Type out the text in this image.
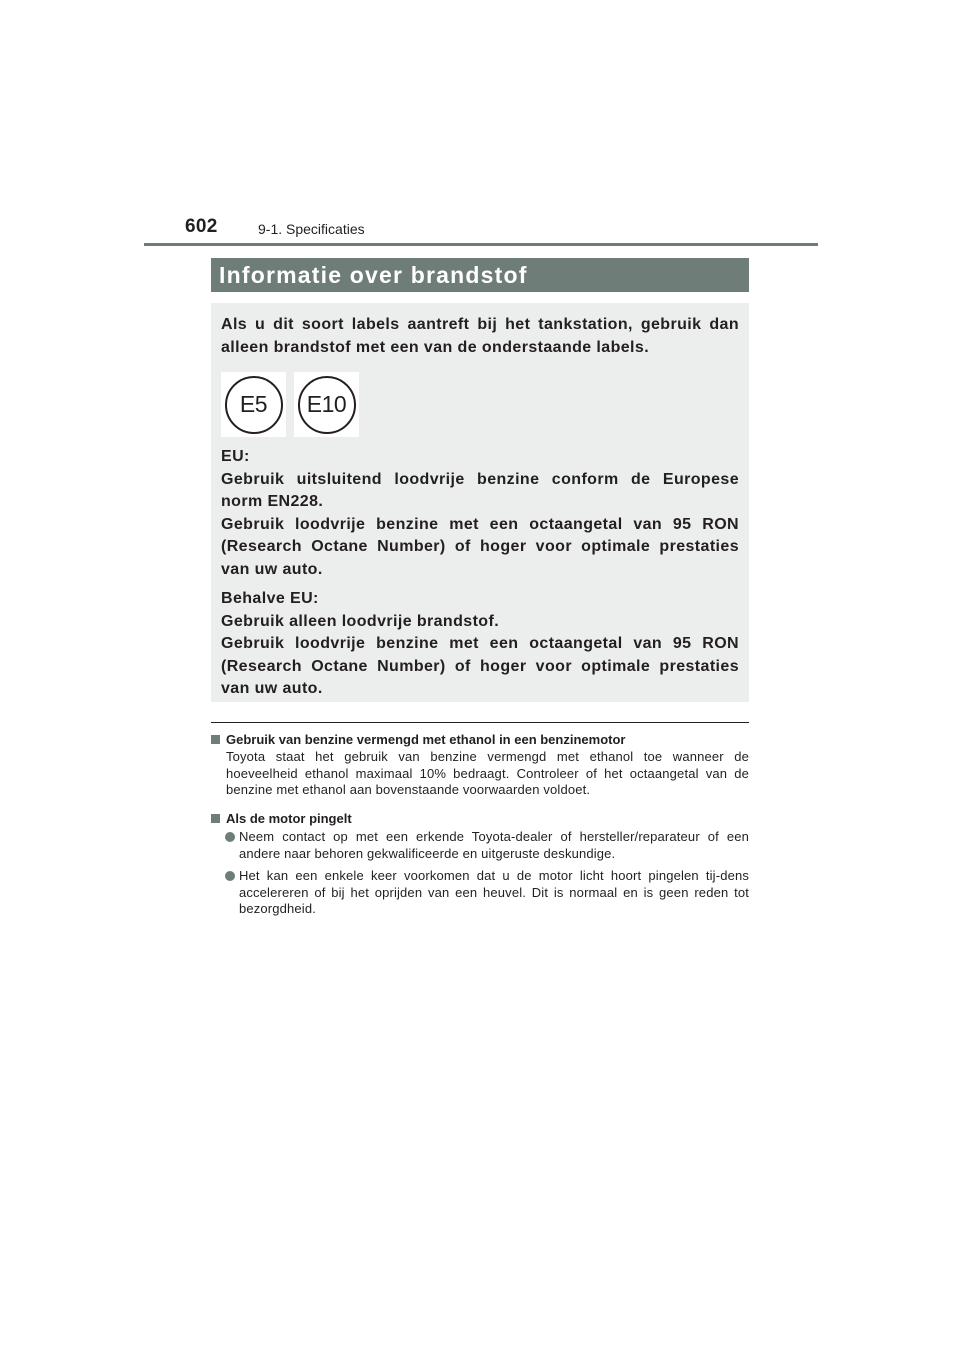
602	9-1. Specificaties
Informatie over brandstof

Als u dit soort labels aantreft bij het tankstation, gebruik dan alleen brandstof met een van de onderstaande labels.

E5 E10

EU:

Gebruik uitsluitend loodvrije benzine conform de Europese norm EN228.

Gebruik loodvrije benzine met een octaangetal van 95 RON (Research Octane Number) of hoger voor optimale prestaties van uw auto.

Behalve EU:

Gebruik alleen loodvrije brandstof.

Gebruik loodvrije benzine met een octaangetal van 95 RON (Research Octane Number) of hoger voor optimale prestaties van uw auto.

Gebruik van benzine vermengd met ethanol in een benzinemotor

Toyota staat het gebruik van benzine vermengd met ethanol toe wanneer de hoeveelheid ethanol maximaal 10% bedraagt. Controleer of het octaangetal van de benzine met ethanol aan bovenstaande voorwaarden voldoet.

Als de motor pingelt

Neem contact op met een erkende Toyota-dealer of hersteller/reparateur of een andere naar behoren gekwalificeerde en uitgeruste deskundige.

Het kan een enkele keer voorkomen dat u de motor licht hoort pingelen tij-dens accelereren of bij het oprijden van een heuvel. Dit is normaal en is geen reden tot bezorgdheid.
